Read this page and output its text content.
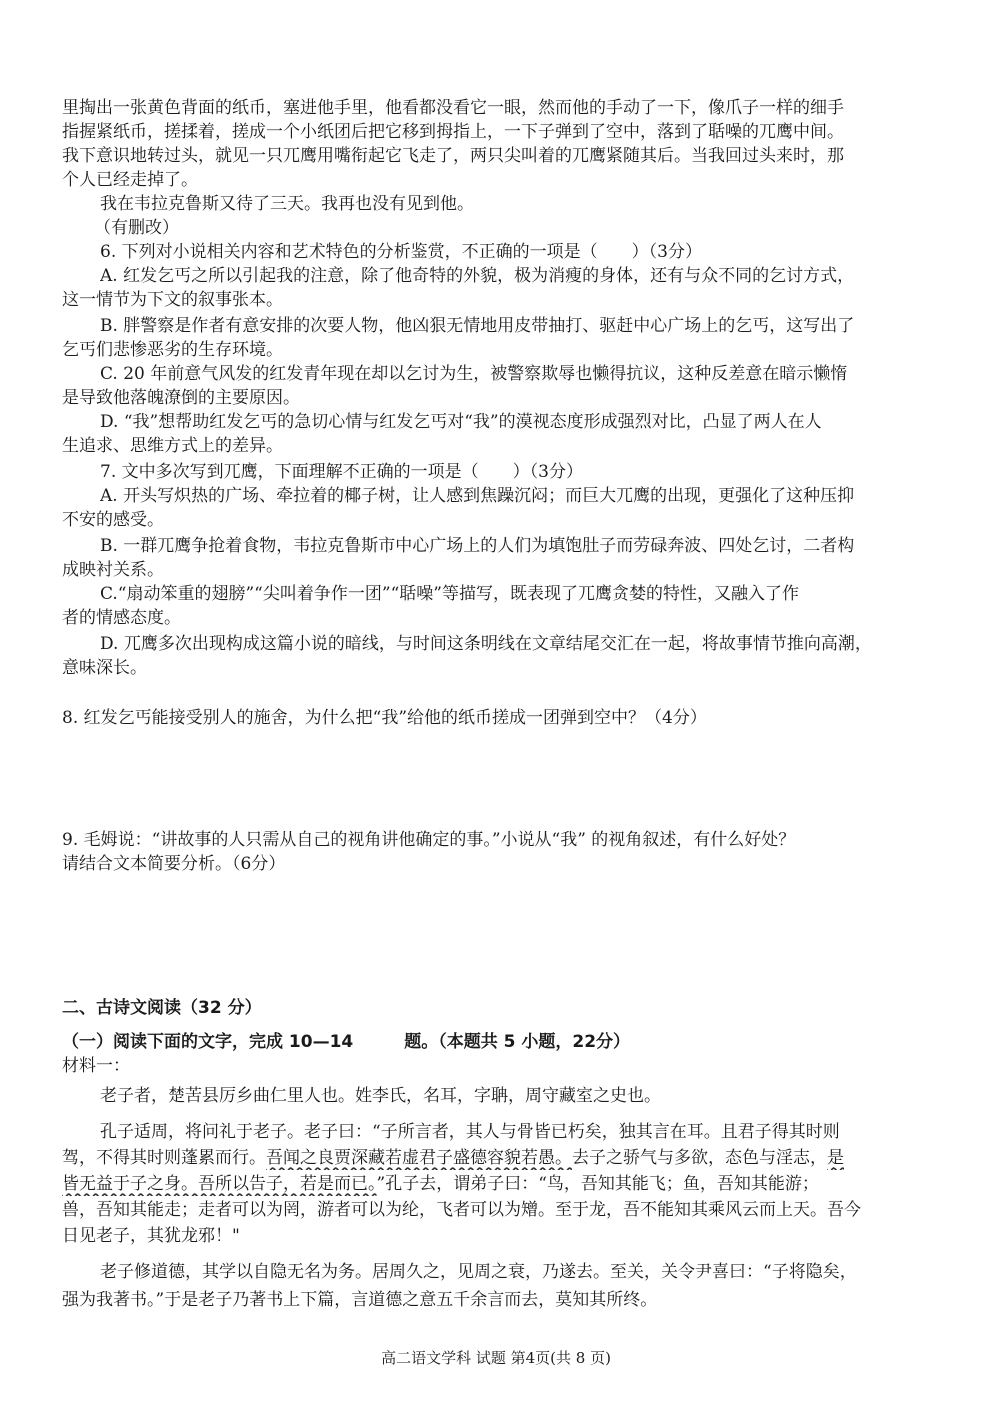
里掏出一张黄色背面的纸币，塞进他手里，他看都没看它一眼，然而他的手动了一下，像爪子一样的细手
指握紧纸币，搓揉着，搓成一个小纸团后把它移到拇指上，一下子弹到了空中，落到了聒噪的兀鹰中间。
我下意识地转过头，就见一只兀鹰用嘴衔起它飞走了，两只尖叫着的兀鹰紧随其后。当我回过头来时，那
个人已经走掉了。
我在韦拉克鲁斯又待了三天。我再也没有见到他。
（有删改）
6. 下列对小说相关内容和艺术特色的分析鉴赏，不正确的一项是（　　）（3分）
A. 红发乞丐之所以引起我的注意，除了他奇特的外貌，极为消瘦的身体，还有与众不同的乞讨方式，
这一情节为下文的叙事张本。
B. 胖警察是作者有意安排的次要人物，他凶狠无情地用皮带抽打、驱赶中心广场上的乞丐，这写出了
乞丐们悲惨恶劣的生存环境。
C. 20 年前意气风发的红发青年现在却以乞讨为生，被警察欺辱也懒得抗议，这种反差意在暗示懒惰
是导致他落魄潦倒的主要原因。
D. “我”想帮助红发乞丐的急切心情与红发乞丐对“我”的漠视态度形成强烈对比，凸显了两人在人
生追求、思维方式上的差异。
7. 文中多次写到兀鹰，下面理解不正确的一项是（　　）（3分）
A. 开头写炽热的广场、牵拉着的椰子树，让人感到焦躁沉闷；而巨大兀鹰的出现，更强化了这种压抑
不安的感受。
B. 一群兀鹰争抢着食物，韦拉克鲁斯市中心广场上的人们为填饱肚子而劳碌奔波、四处乞讨，二者构
成映衬关系。
C.“扇动笨重的翅膀”“尖叫着争作一团”“聒噪”等描写，既表现了兀鹰贪婪的特性，又融入了作
者的情感态度。
D. 兀鹰多次出现构成这篇小说的暗线，与时间这条明线在文章结尾交汇在一起，将故事情节推向高潮，
意味深长。
8. 红发乞丐能接受别人的施舍，为什么把“我”给他的纸币搓成一团弹到空中？（4分）
9. 毛姆说：“讲故事的人只需从自己的视角讲他确定的事。”小说从“我” 的视角叙述，有什么好处？
请结合文本简要分析。（6分）
二、古诗文阅读（32 分）
（一）阅读下面的文字，完成 10—14　　　题。（本题共 5 小题，22分）
材料一：
老子者，楚苦县厉乡曲仁里人也。姓李氏，名耳，字聃，周守藏室之史也。
孔子适周，将问礼于老子。老子曰：“子所言者，其人与骨皆已朽矣，独其言在耳。且君子得其时则
驾，不得其时则蓬累而行。吾闻之良贾深藏若虚君子盛德容貌若愚。去子之骄气与多欲，态色与淫志，是
皆无益于子之身。吾所以告子，若是而已。”孔子去，谓弟子曰：“鸟，吾知其能飞；鱼，吾知其能游；
兽，吾知其能走；走者可以为罔，游者可以为纶，飞者可以为矰。至于龙，吾不能知其乘风云而上天。吾今
日见老子，其犹龙邪！"
老子修道德，其学以自隐无名为务。居周久之，见周之衰，乃遂去。至关，关令尹喜曰：“子将隐矣，
强为我著书。”于是老子乃著书上下篇，言道德之意五千余言而去，莫知其所终。
高二语文学科 试题 第4页(共 8 页)
